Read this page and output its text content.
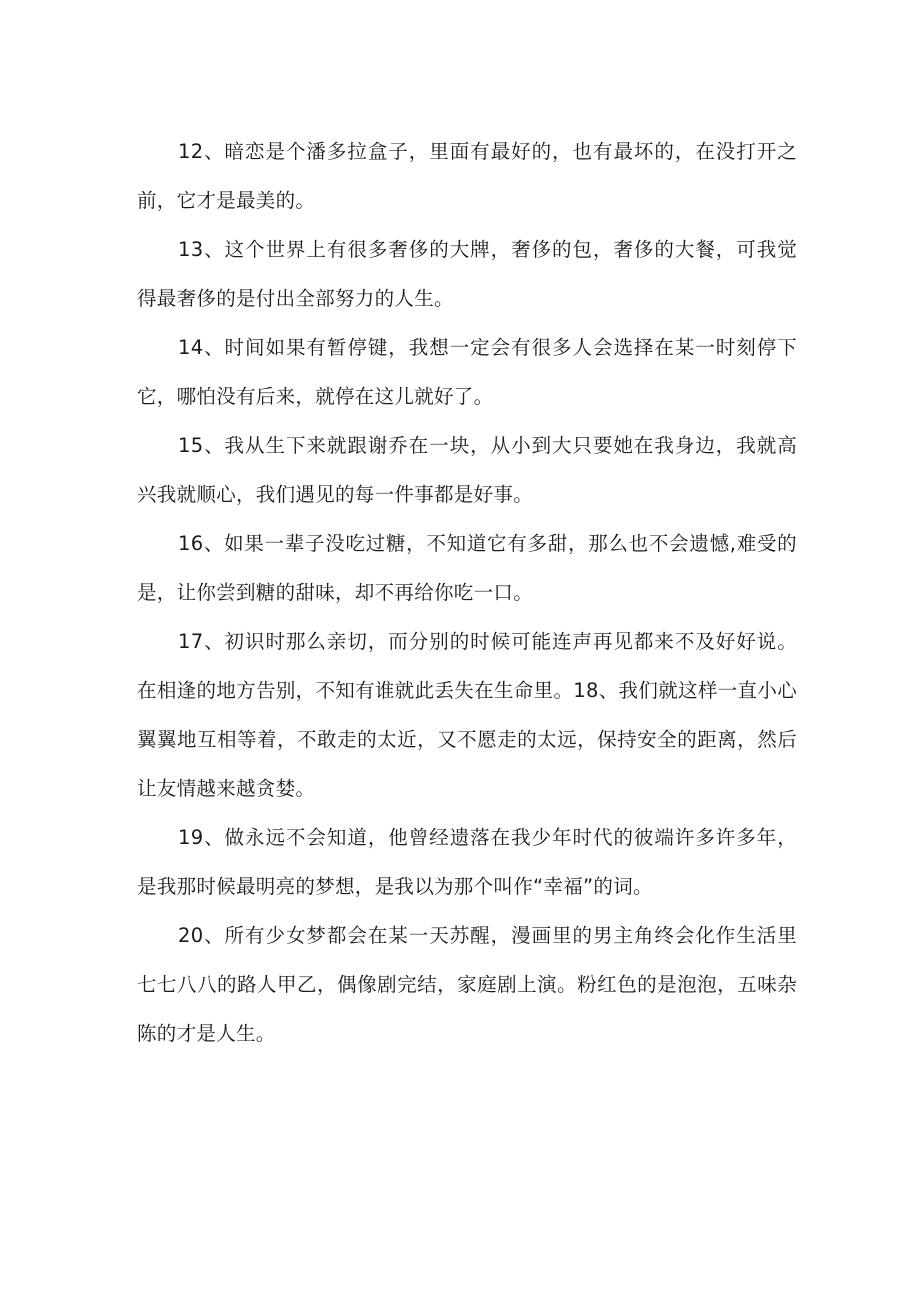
12、暗恋是个潘多拉盒子，里面有最好的，也有最坏的，在没打开之前，它才是最美的。

13、这个世界上有很多奢侈的大牌，奢侈的包，奢侈的大餐，可我觉得最奢侈的是付出全部努力的人生。

14、时间如果有暂停键，我想一定会有很多人会选择在某一时刻停下它，哪怕没有后来，就停在这儿就好了。

15、我从生下来就跟谢乔在一块，从小到大只要她在我身边，我就高兴我就顺心，我们遇见的每一件事都是好事。

16、如果一辈子没吃过糖，不知道它有多甜，那么也不会遗憾,难受的是，让你尝到糖的甜味，却不再给你吃一口。

17、初识时那么亲切，而分别的时候可能连声再见都来不及好好说。在相逢的地方告别，不知有谁就此丢失在生命里。18、我们就这样一直小心翼翼地互相等着，不敢走的太近，又不愿走的太远，保持安全的距离，然后让友情越来越贪婪。

19、做永远不会知道，他曾经遗落在我少年时代的彼端许多许多年，是我那时候最明亮的梦想，是我以为那个叫作“幸福”的词。

20、所有少女梦都会在某一天苏醒，漫画里的男主角终会化作生活里七七八八的路人甲乙，偶像剧完结，家庭剧上演。粉红色的是泡泡，五味杂陈的才是人生。
